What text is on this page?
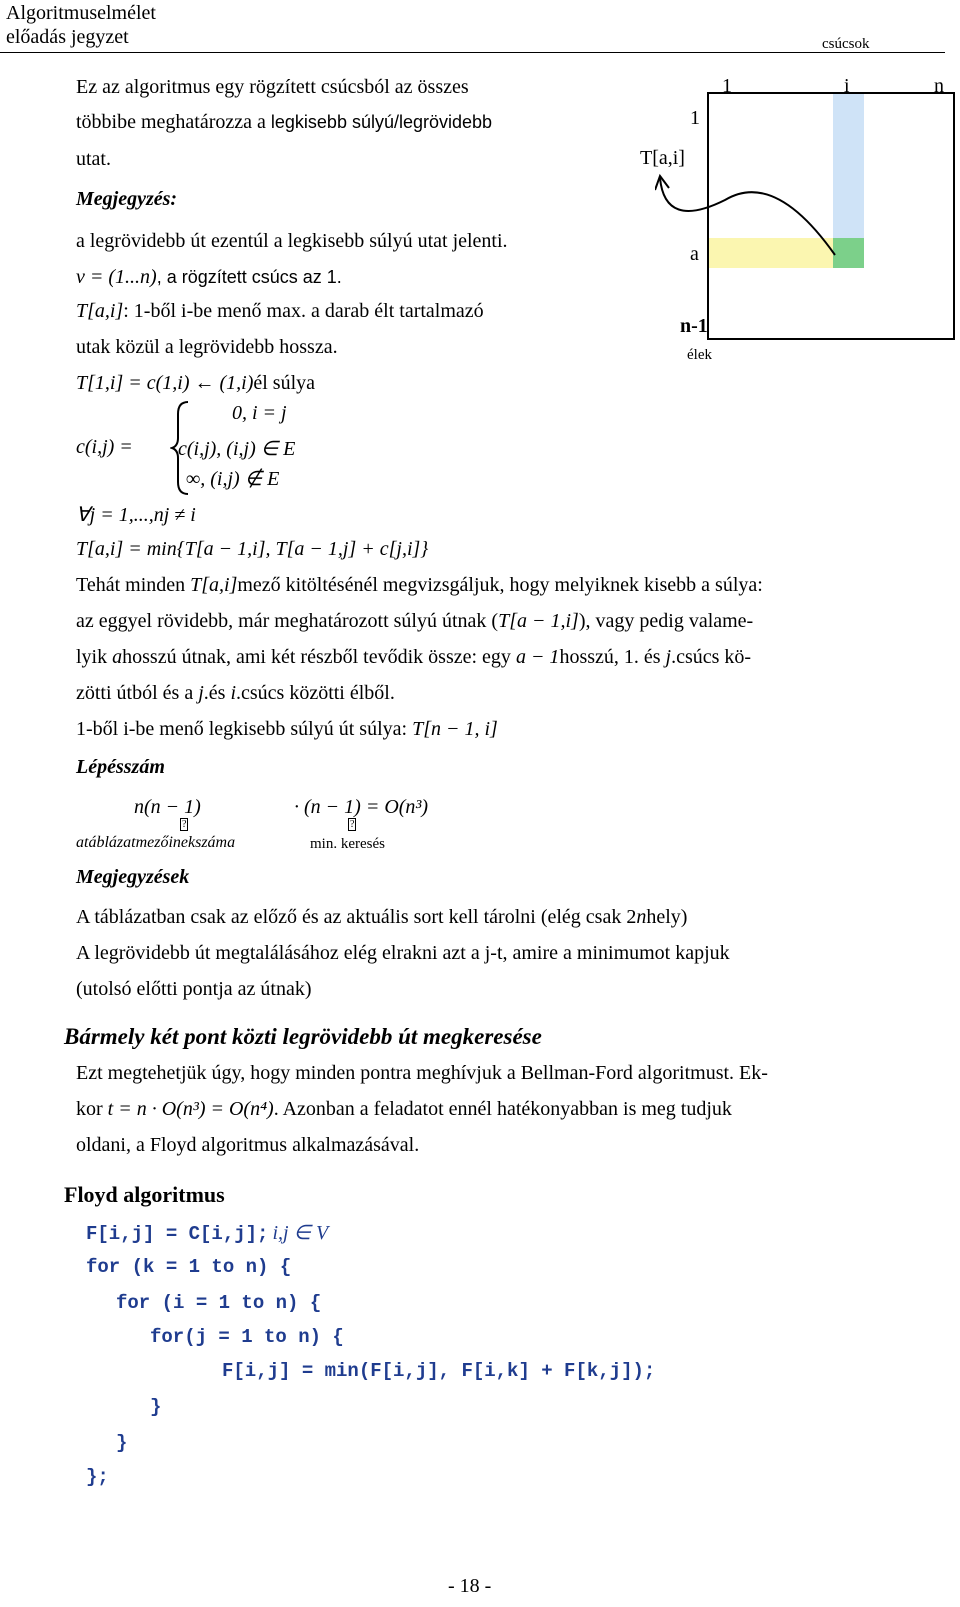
Algoritmuselmélet
előadás jegyzet	csúcsok
1	i	n
1
T[a,i]
a
n-1
élek
Ez az algoritmus egy rögzített csúcsból az összes
többibe meghatározza a legkisebb súlyú/legrövidebb
utat.
Megjegyzés:
a legrövidebb út ezentúl a legkisebb súlyú utat jelenti.
v = (1...n), a rögzített csúcs az 1.
T[a,i]: 1-ből i-be menő max. a darab élt tartalmazó
utak közül a legrövidebb hossza.
T[1,i] = c(1,i) ← (1,i)él súlya
c(i,j) =
0, i = j
c(i,j), (i,j) ∈ E
∞, (i,j) ∉ E
∀j = 1,...,nj ≠ i
T[a,i] = min{T[a − 1,i], T[a − 1,j] + c[j,i]}
Tehát minden T[a,i]mező kitöltésénél megvizsgáljuk, hogy melyiknek kisebb a súlya:
az eggyel rövidebb, már meghatározott súlyú útnak (T[a − 1,i]), vagy pedig valame-
lyik ahosszú útnak, ami két részből tevődik össze: egy a − 1hosszú, 1. és j.csúcs kö-
zötti útból és a j.és i.csúcs közötti élből.
1-ből i-be menő legkisebb súlyú út súlya: T[n − 1, i]
Lépésszám
n(n − 1)	· (n − 1) = O(n³)
?	?
atáblázatmezőinekszáma	min. keresés
Megjegyzések
A táblázatban csak az előző és az aktuális sort kell tárolni (elég csak 2nhely)
A legrövidebb út megtalálásához elég elrakni azt a j-t, amire a minimumot kapjuk
(utolsó előtti pontja az útnak)
Bármely két pont közti legrövidebb út megkeresése
Ezt megtehetjük úgy, hogy minden pontra meghívjuk a Bellman-Ford algoritmust. Ek-
kor t = n · O(n³) = O(n⁴). Azonban a feladatot ennél hatékonyabban is meg tudjuk
oldani, a Floyd algoritmus alkalmazásával.
Floyd algoritmus
F[i,j] = C[i,j]; i,j ∈ V
for (k = 1 to n) {
for (i = 1 to n) {
for(j = 1 to n) {
F[i,j] = min(F[i,j], F[i,k] + F[k,j]);
}
}
};
- 18 -
